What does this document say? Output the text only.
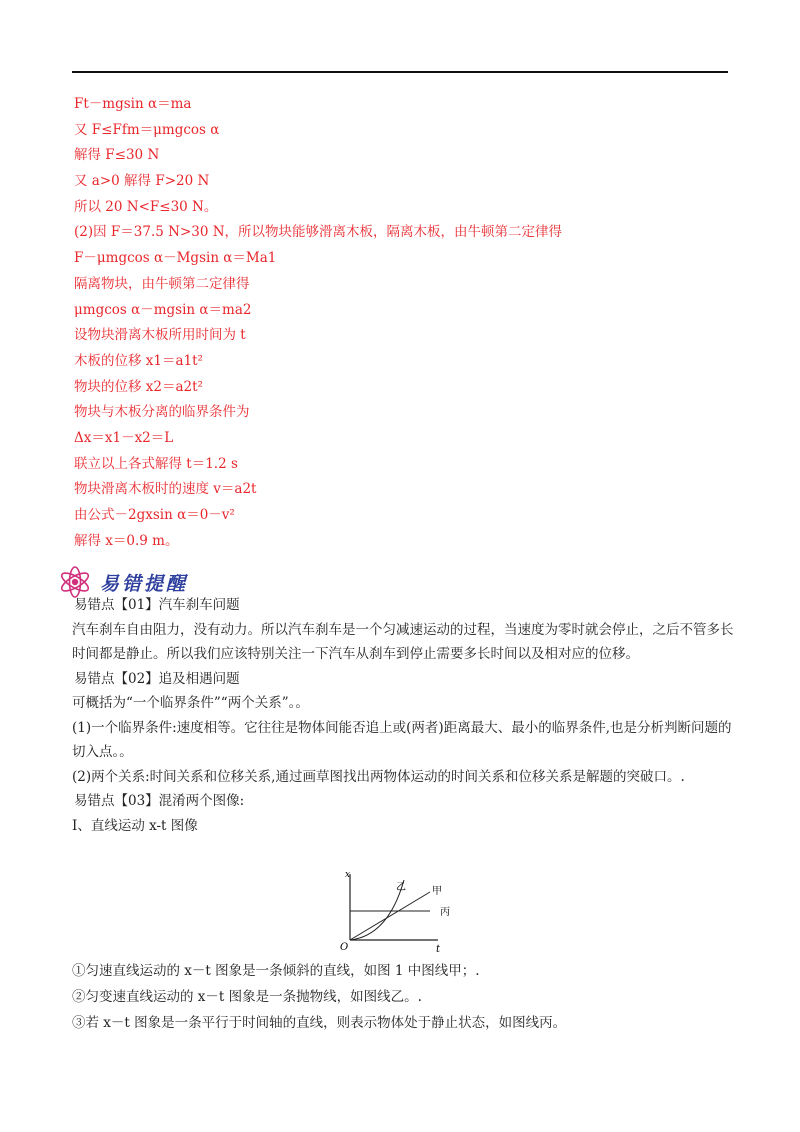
Ft－mgsin α＝ma
又 F≤Ffm＝μmgcos α
解得 F≤30 N
又 a>0 解得 F>20 N
所以 20 N<F≤30 N。
(2)因 F＝37.5 N>30 N，所以物块能够滑离木板，隔离木板，由牛顿第二定律得
F－μmgcos α－Mgsin α＝Ma1
隔离物块，由牛顿第二定律得
μmgcos α－mgsin α＝ma2
设物块滑离木板所用时间为 t
木板的位移 x1＝a1t²
物块的位移 x2＝a2t²
物块与木板分离的临界条件为
Δx＝x1－x2＝L
联立以上各式解得 t＝1.2 s
物块滑离木板时的速度 v＝a2t
由公式－2gxsin α＝0－v²
解得 x＝0.9 m。
易错提醒
易错点【01】汽车刹车问题
汽车刹车自由阻力，没有动力。所以汽车刹车是一个匀减速运动的过程，当速度为零时就会停止，之后不管多长时间都是静止。所以我们应该特别关注一下汽车从刹车到停止需要多长时间以及相对应的位移。
易错点【02】追及相遇问题
可概括为“一个临界条件”“两个关系”。。
(1)一个临界条件:速度相等。它往往是物体间能否追上或(两者)距离最大、最小的临界条件,也是分析判断问题的切入点。。
(2)两个关系:时间关系和位移关系,通过画草图找出两物体运动的时间关系和位移关系是解题的突破口。.
易错点【03】混淆两个图像:
Ⅰ、直线运动 x-t 图像
x
t
O
甲
乙
丙
①匀速直线运动的 x－t 图象是一条倾斜的直线，如图 1 中图线甲；.
②匀变速直线运动的 x－t 图象是一条抛物线，如图线乙。.
③若 x－t 图象是一条平行于时间轴的直线，则表示物体处于静止状态，如图线丙。
